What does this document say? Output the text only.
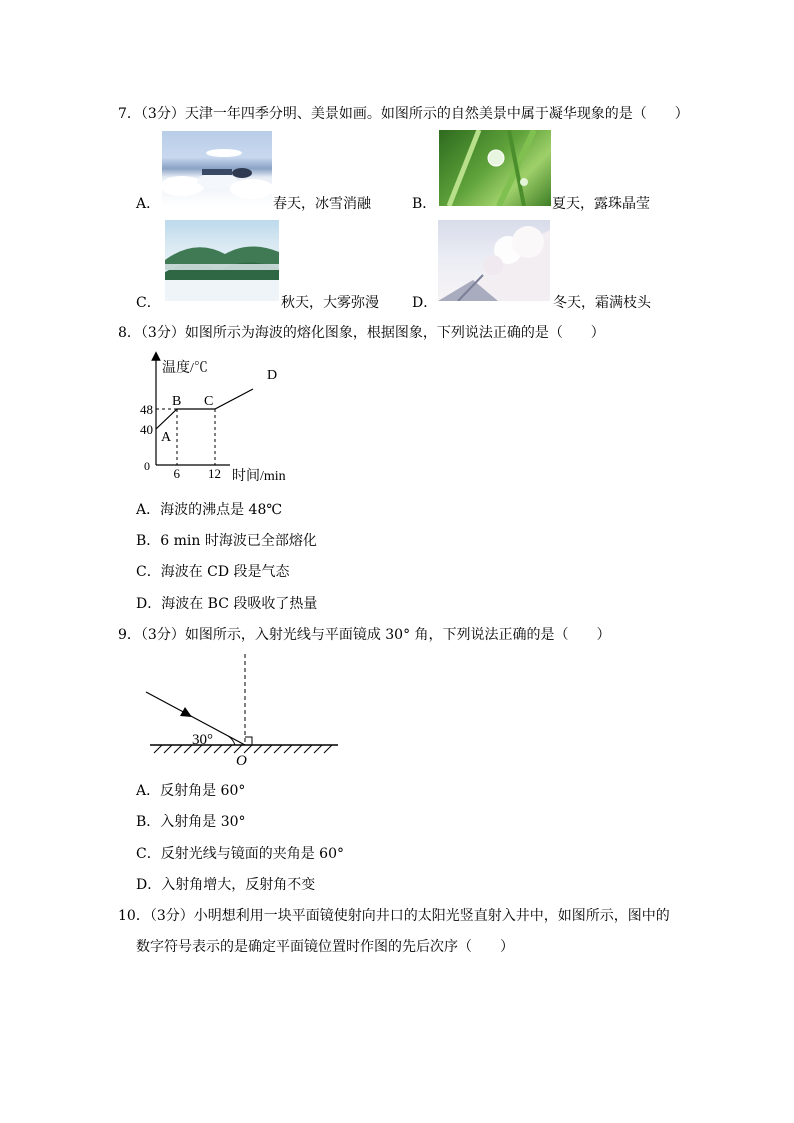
7．（3分）天津一年四季分明、美景如画。如图所示的自然美景中属于凝华现象的是（　　）
A．	春天，冰雪消融	B．	夏天，露珠晶莹
C．	秋天，大雾弥漫 D．	冬天，霜满枝头
8．（3分）如图所示为海波的熔化图象，根据图象，下列说法正确的是（　　）
A
B C
D
40
48
6 12
温度/℃
时间/min
0
A．海波的沸点是 48℃
B．6 min 时海波已全部熔化
C．海波在 CD 段是气态
D．海波在 BC 段吸收了热量
9．（3分）如图所示，入射光线与平面镜成 30° 角，下列说法正确的是（　　）
30°
O
A．反射角是 60°
B．入射角是 30°
C．反射光线与镜面的夹角是 60°
D．入射角增大，反射角不变
10．（3分）小明想利用一块平面镜使射向井口的太阳光竖直射入井中，如图所示，图中的
数字符号表示的是确定平面镜位置时作图的先后次序（　　）
